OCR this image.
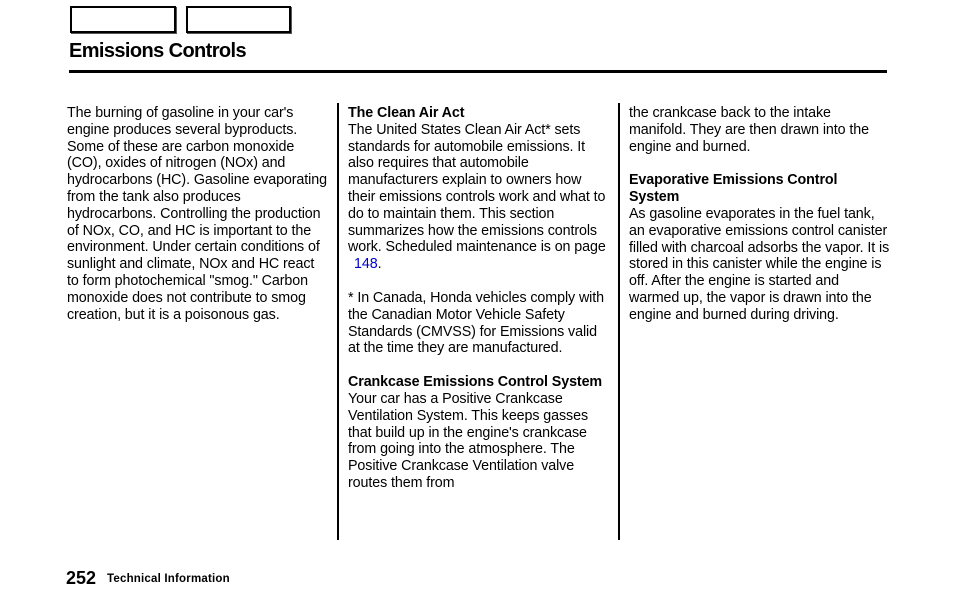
Emissions Controls

The burning of gasoline in your car's engine produces several byproducts. Some of these are carbon monoxide (CO), oxides of nitrogen (NOx) and hydrocarbons (HC). Gasoline evaporating from the tank also produces hydrocarbons. Controlling the production of NOx, CO, and HC is important to the environment. Under certain conditions of sunlight and climate, NOx and HC react to form photochemical "smog." Carbon monoxide does not contribute to smog creation, but it is a poisonous gas.

The Clean Air Act

The United States Clean Air Act* sets standards for automobile emissions. It also requires that automobile manufacturers explain to owners how their emissions controls work and what to do to maintain them. This section summarizes how the emissions controls work. Scheduled maintenance is on page
148.

* In Canada, Honda vehicles comply with the Canadian Motor Vehicle Safety Standards (CMVSS) for Emissions valid at the time they are manufactured.

Crankcase Emissions Control System

Your car has a Positive Crankcase Ventilation System. This keeps gasses that build up in the engine's crankcase from going into the atmosphere. The Positive Crankcase Ventilation valve routes them from

the crankcase back to the intake manifold. They are then drawn into the engine and burned.

Evaporative Emissions Control System

As gasoline evaporates in the fuel tank, an evaporative emissions control canister filled with charcoal adsorbs the vapor. It is stored in this canister while the engine is off. After the engine is started and warmed up, the vapor is drawn into the engine and burned during driving.

252 Technical Information
